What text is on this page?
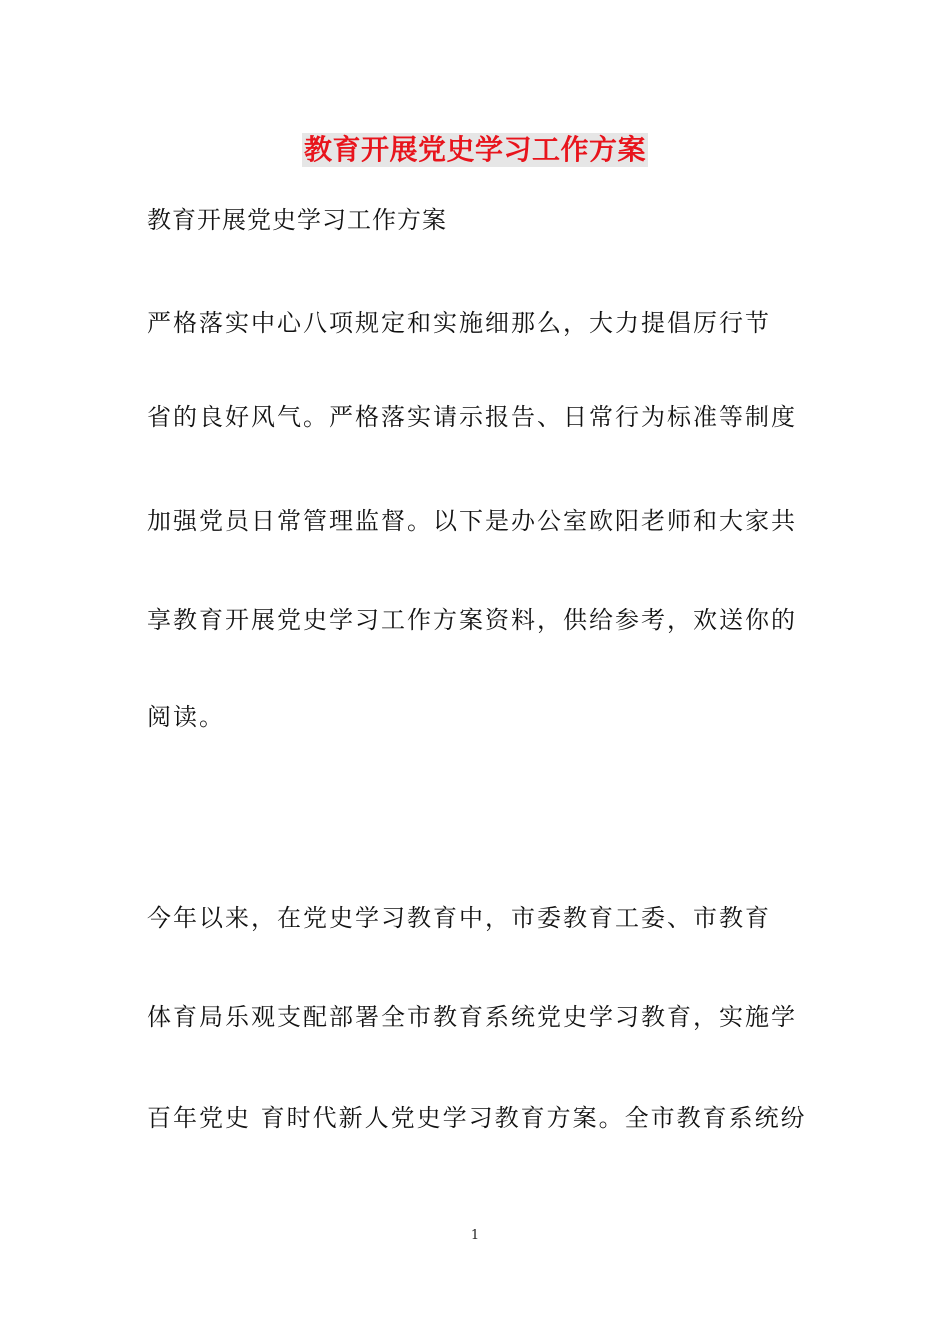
教育开展党史学习工作方案
教育开展党史学习工作方案
严格落实中心八项规定和实施细那么，大力提倡厉行节
省的良好风气。严格落实请示报告、日常行为标准等制度
加强党员日常管理监督。以下是办公室欧阳老师和大家共
享教育开展党史学习工作方案资料，供给参考，欢送你的
阅读。
今年以来，在党史学习教育中，市委教育工委、市教育
体育局乐观支配部署全市教育系统党史学习教育，实施学
百年党史 育时代新人党史学习教育方案。全市教育系统纷
1
